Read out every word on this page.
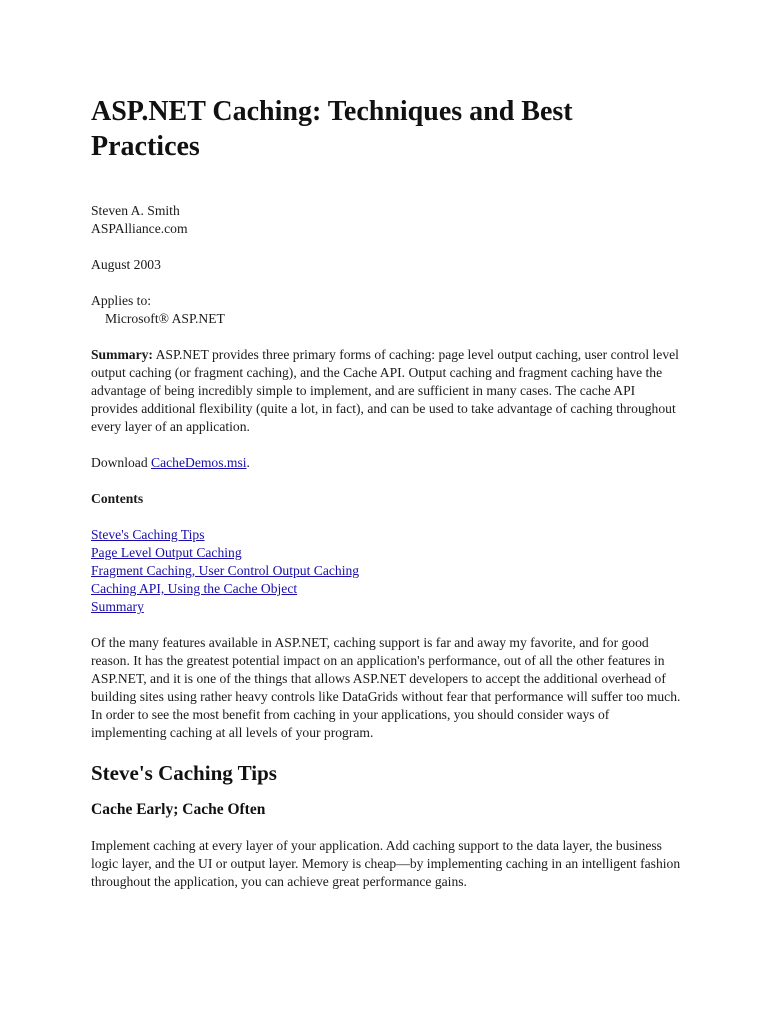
ASP.NET Caching: Techniques and Best Practices
Steven A. Smith
ASPAlliance.com
August 2003
Applies to:
Microsoft® ASP.NET

Summary: ASP.NET provides three primary forms of caching: page level output caching, user control level output caching (or fragment caching), and the Cache API. Output caching and fragment caching have the advantage of being incredibly simple to implement, and are sufficient in many cases. The cache API provides additional flexibility (quite a lot, in fact), and can be used to take advantage of caching throughout every layer of an application.

Download CacheDemos.msi.

Contents
Steve's Caching Tips
Page Level Output Caching
Fragment Caching, User Control Output Caching
Caching API, Using the Cache Object
Summary

Of the many features available in ASP.NET, caching support is far and away my favorite, and for good reason. It has the greatest potential impact on an application's performance, out of all the other features in ASP.NET, and it is one of the things that allows ASP.NET developers to accept the additional overhead of building sites using rather heavy controls like DataGrids without fear that performance will suffer too much. In order to see the most benefit from caching in your applications, you should consider ways of implementing caching at all levels of your program.

Steve's Caching Tips
Cache Early; Cache Often

Implement caching at every layer of your application. Add caching support to the data layer, the business logic layer, and the UI or output layer. Memory is cheap—by implementing caching in an intelligent fashion throughout the application, you can achieve great performance gains.
